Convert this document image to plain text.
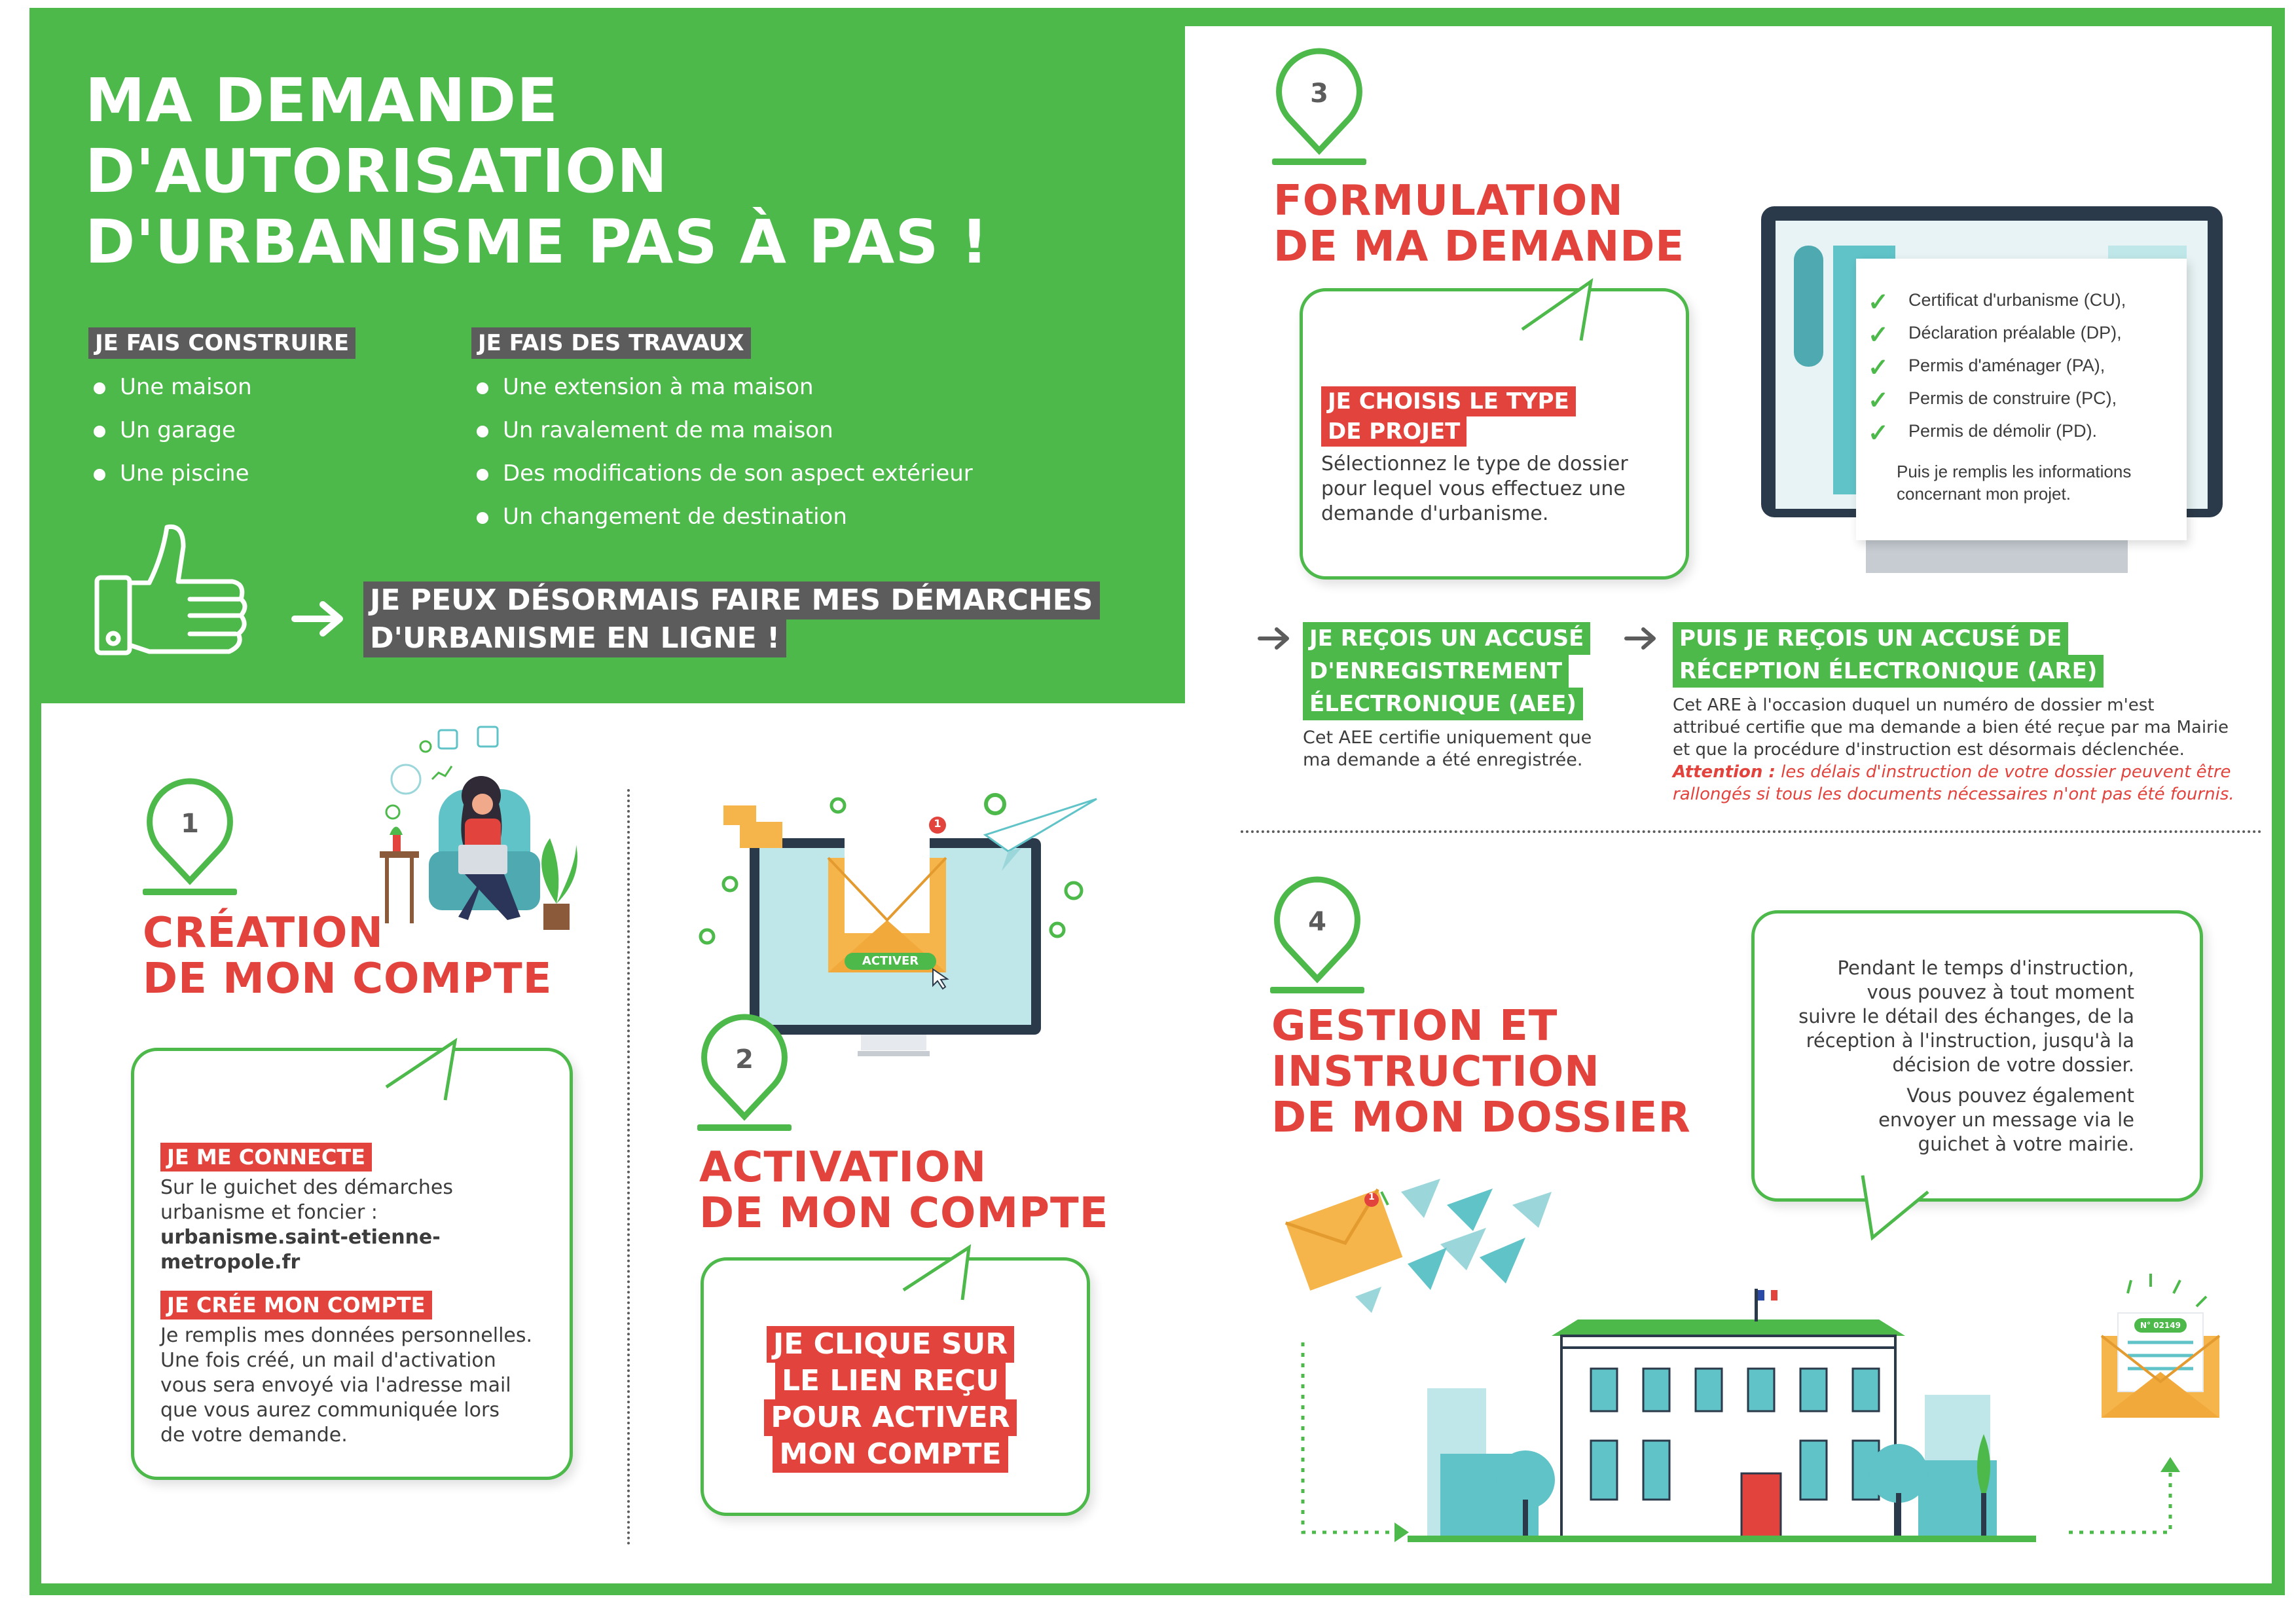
MA DEMANDE
D'AUTORISATION
D'URBANISME PAS À PAS !
JE FAIS CONSTRUIRE
Une maison
Un garage
Une piscine
JE FAIS DES TRAVAUX
Une extension à ma maison
Un ravalement de ma maison
Des modifications de son aspect extérieur
Un changement de destination
JE PEUX DÉSORMAIS FAIRE MES DÉMARCHES
D'URBANISME EN LIGNE !
1
CRÉATION
DE MON COMPTE
JE ME CONNECTE
Sur le guichet des démarches
urbanisme et foncier :
urbanisme.saint-etienne-metropole.fr
JE CRÉE MON COMPTE
Je remplis mes données personnelles.
Une fois créé, un mail d'activation
vous sera envoyé via l'adresse mail
que vous aurez communiquée lors
de votre demande.
ACTIVER
1
2
ACTIVATION
DE MON COMPTE
JE CLIQUE SUR
LE LIEN REÇU
POUR ACTIVER
MON COMPTE
3
FORMULATION
DE MA DEMANDE
JE CHOISIS LE TYPE
DE PROJET
Sélectionnez le type de dossier
pour lequel vous effectuez une
demande d'urbanisme.
✓ Certificat d'urbanisme (CU),
✓ Déclaration préalable (DP),
✓ Permis d'aménager (PA),
✓ Permis de construire (PC),
✓ Permis de démolir (PD).
Puis je remplis les informations
concernant mon projet.
JE REÇOIS UN ACCUSÉ
D'ENREGISTREMENT
ÉLECTRONIQUE (AEE)
Cet AEE certifie uniquement que
ma demande a été enregistrée.
PUIS JE REÇOIS UN ACCUSÉ DE
RÉCEPTION ÉLECTRONIQUE (ARE)
Cet ARE à l'occasion duquel un numéro de dossier m'est
attribué certifie que ma demande a bien été reçue par ma Mairie
et que la procédure d'instruction est désormais déclenchée.
Attention : les délais d'instruction de votre dossier peuvent être
rallongés si tous les documents nécessaires n'ont pas été fournis.
4
GESTION ET
INSTRUCTION
DE MON DOSSIER
Pendant le temps d'instruction,
vous pouvez à tout moment
suivre le détail des échanges, de la
réception à l'instruction, jusqu'à la
décision de votre dossier.
Vous pouvez également
envoyer un message via le
guichet à votre mairie.
1
N° 02149
